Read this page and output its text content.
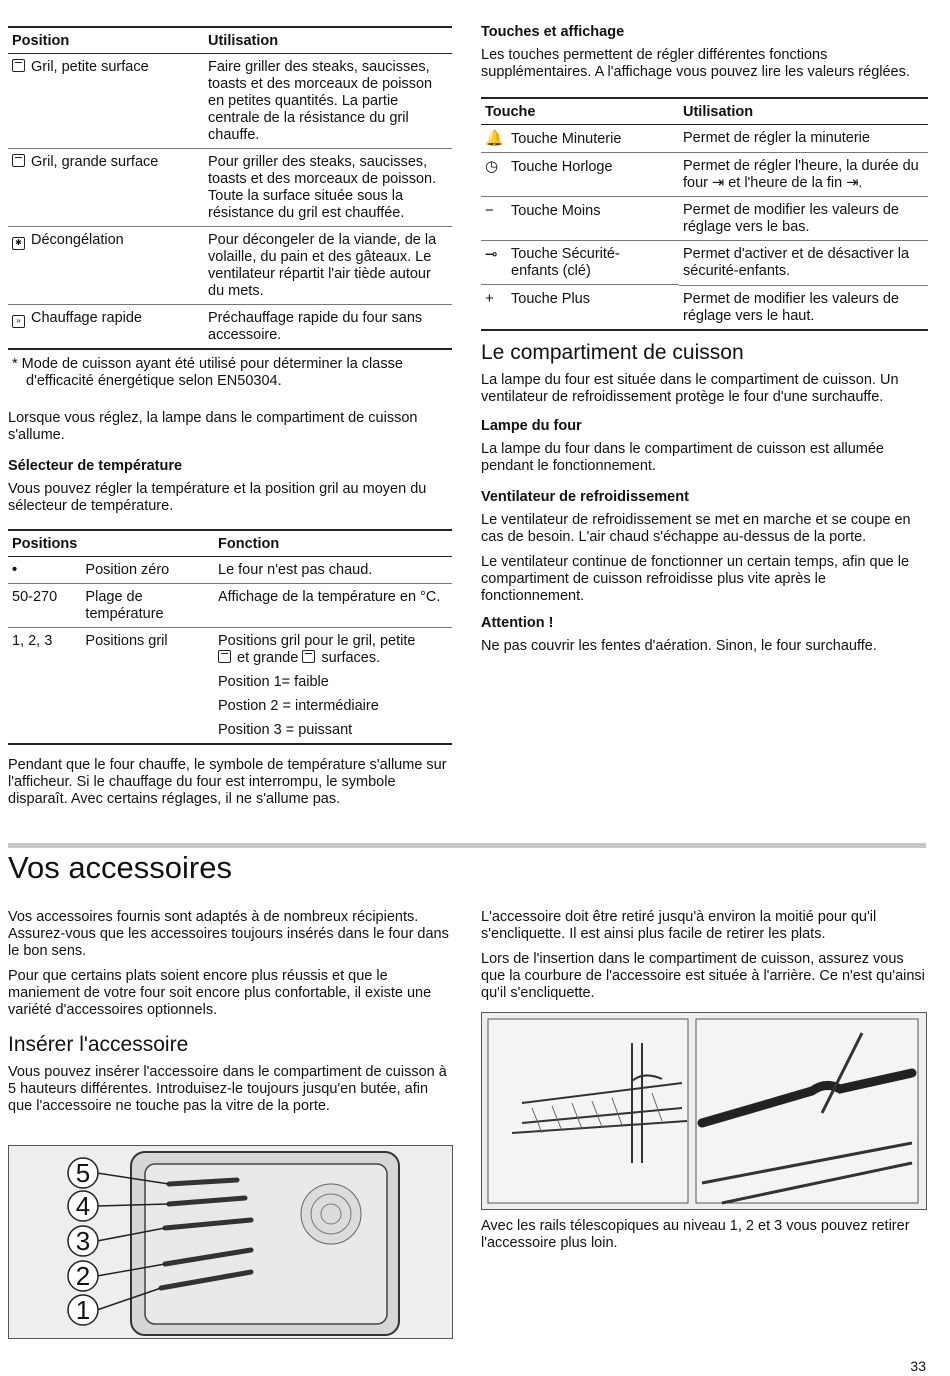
Position	Utilisation
Gril, petite surface	Faire griller des steaks, saucisses, toasts et des morceaux de poisson en petites quantités. La partie centrale de la résistance du gril chauffe.
Gril, grande surface	Pour griller des steaks, saucisses, toasts et des morceaux de poisson. Toute la surface située sous la résistance du gril est chauffée.
✱ Décongélation	Pour décongeler de la viande, de la volaille, du pain et des gâteaux. Le ventilateur répartit l'air tiède autour du mets.
» Chauffage rapide	Préchauffage rapide du four sans accessoire.

* Mode de cuisson ayant été utilisé pour déterminer la classe d'efficacité énergétique selon EN50304.

Lorsque vous réglez, la lampe dans le compartiment de cuisson s'allume.

Sélecteur de température

Vous pouvez régler la température et la position gril au moyen du sélecteur de température.

Positions		Fonction
•	Position zéro	Le four n'est pas chaud.
50-270	Plage de température	Affichage de la température en °C.
1, 2, 3	Positions gril	Positions gril pour le gril, petite
et grande surfaces.
Position 1= faible
Postion 2 = intermédiaire
Position 3 = puissant

Pendant que le four chauffe, le symbole de température s'allume sur l'afficheur. Si le chauffage du four est interrompu, le symbole disparaît. Avec certains réglages, il ne s'allume pas.

Touches et affichage

Les touches permettent de régler différentes fonctions supplémentaires. A l'affichage vous pouvez lire les valeurs réglées.

Touche	Utilisation
🔔 Touche Minuterie	Permet de régler la minuterie
◷ Touche Horloge	Permet de régler l'heure, la durée du four ⇥ et l'heure de la fin ⇥.
− Touche Moins	Permet de modifier les valeurs de réglage vers le bas.

⊸ Touche Sécurité-enfants (clé)
Permet d'activer et de désactiver la sécurité-enfants.
+ Touche Plus	Permet de modifier les valeurs de réglage vers le haut.
Le compartiment de cuisson

La lampe du four est située dans le compartiment de cuisson. Un ventilateur de refroidissement protège le four d'une surchauffe.

Lampe du four

La lampe du four dans le compartiment de cuisson est allumée pendant le fonctionnement.

Ventilateur de refroidissement

Le ventilateur de refroidissement se met en marche et se coupe en cas de besoin. L'air chaud s'échappe au-dessus de la porte.

Le ventilateur continue de fonctionner un certain temps, afin que le compartiment de cuisson refroidisse plus vite après le fonctionnement.

Attention !

Ne pas couvrir les fentes d'aération. Sinon, le four surchauffe.

Vos accessoires

Vos accessoires fournis sont adaptés à de nombreux récipients. Assurez-vous que les accessoires toujours insérés dans le four dans le bon sens.

Pour que certains plats soient encore plus réussis et que le maniement de votre four soit encore plus confortable, il existe une variété d'accessoires optionnels.

Insérer l'accessoire

Vous pouvez insérer l'accessoire dans le compartiment de cuisson à 5 hauteurs différentes. Introduisez-le toujours jusqu'en butée, afin que l'accessoire ne touche pas la vitre de la porte.

5
4
3
2
1

L'accessoire doit être retiré jusqu'à environ la moitié pour qu'il s'encliquette. Il est ainsi plus facile de retirer les plats.

Lors de l'insertion dans le compartiment de cuisson, assurez vous que la courbure de l'accessoire est située à l'arrière. Ce n'est qu'ainsi qu'il s'encliquette.

Avec les rails télescopiques au niveau 1, 2 et 3 vous pouvez retirer l'accessoire plus loin.

33
